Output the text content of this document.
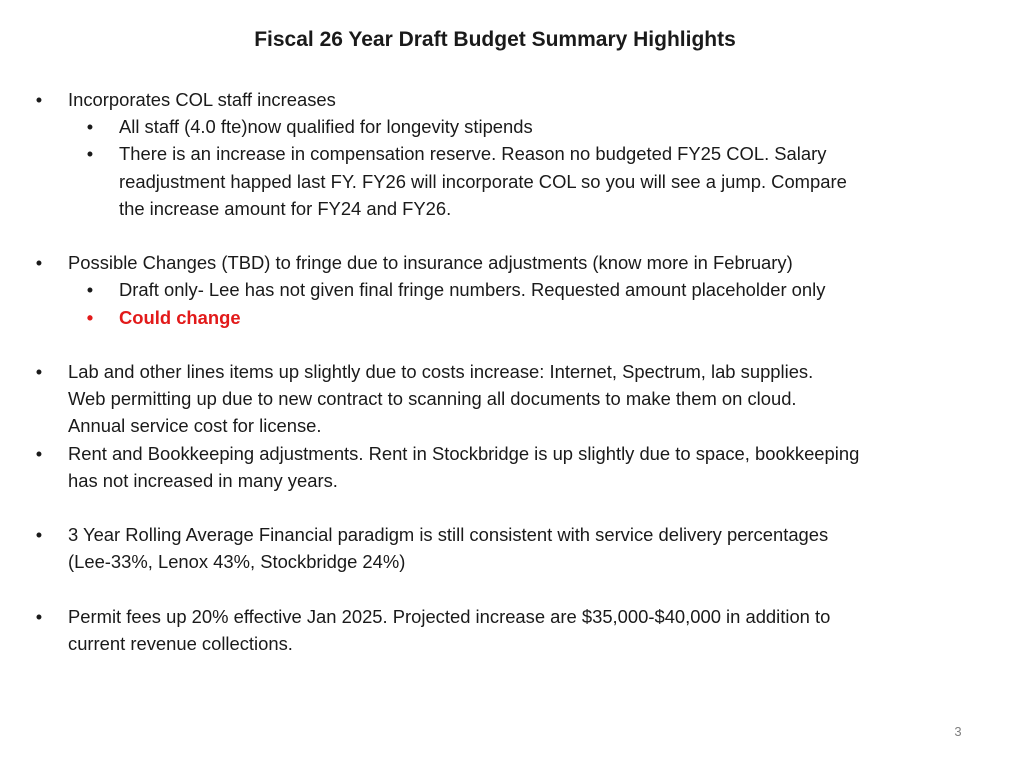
Fiscal 26 Year Draft Budget Summary Highlights
• Incorporates COL staff increases
• All staff (4.0 fte)now qualified for longevity stipends
• There is an increase in compensation reserve. Reason no budgeted FY25 COL. Salary
readjustment happed last FY. FY26 will incorporate COL so you will see a jump. Compare
the increase amount for FY24 and FY26.
• Possible Changes (TBD) to fringe due to insurance adjustments (know more in February)
• Draft only- Lee has not given final fringe numbers. Requested amount placeholder only
• Could change
• Lab and other lines items up slightly due to costs increase: Internet, Spectrum, lab supplies.
Web permitting up due to new contract to scanning all documents to make them on cloud.
Annual service cost for license.
• Rent and Bookkeeping adjustments. Rent in Stockbridge is up slightly due to space, bookkeeping
has not increased in many years.
• 3 Year Rolling Average Financial paradigm is still consistent with service delivery percentages
(Lee-33%, Lenox 43%, Stockbridge 24%)
• Permit fees up 20% effective Jan 2025. Projected increase are $35,000-$40,000 in addition to
current revenue collections.
3
